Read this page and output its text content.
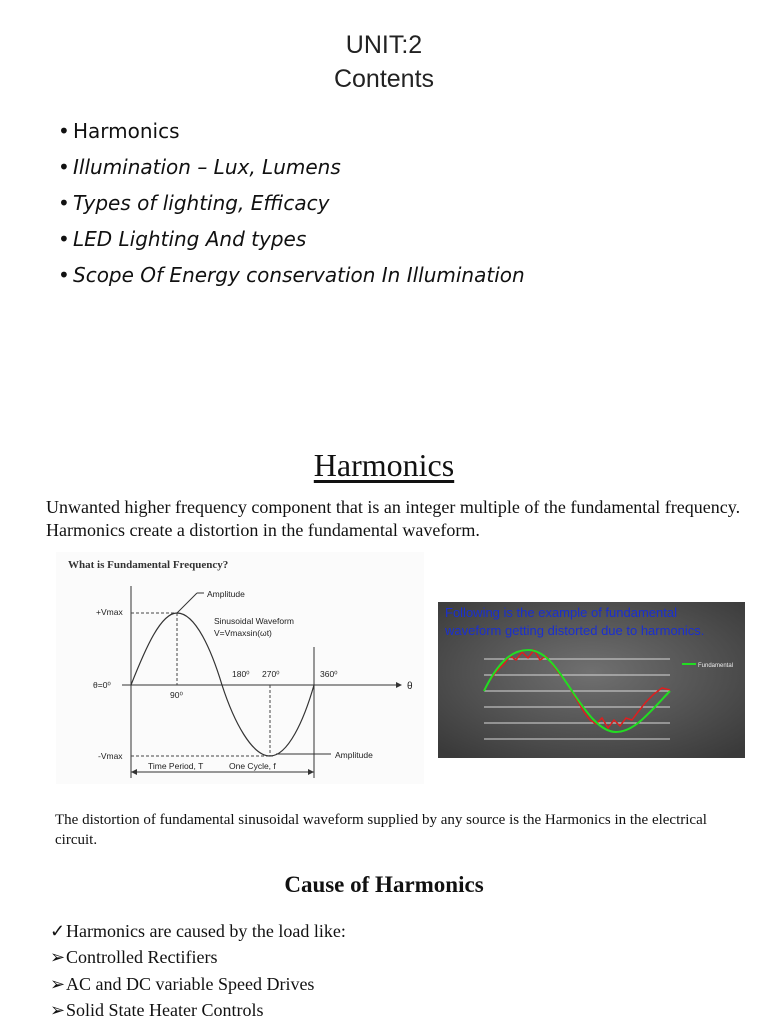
UNIT:2
Contents
• Harmonics
• Illumination – Lux, Lumens
• Types of lighting, Efficacy
• LED Lighting And types
• Scope Of Energy conservation In Illumination
Harmonics
Unwanted higher frequency component that is an integer multiple of the fundamental frequency. Harmonics create a distortion in the fundamental waveform.
What is Fundamental Frequency?
Amplitude
Amplitude
Sinusoidal Waveform
V=Vmaxsin(ωt)
+Vmax
-Vmax
θ=0⁰
90⁰
180⁰ 270⁰	360⁰
θ
Time Period, T	One Cycle, f
Following is the example of fundamental
waveform getting distorted due to harmonics.
Fundamental
The distortion of fundamental sinusoidal waveform supplied by any source is the Harmonics in the electrical circuit.
Cause of Harmonics
✓Harmonics are caused by the load like:
➢Controlled Rectifiers
➢AC and DC variable Speed Drives
➢Solid State Heater Controls
